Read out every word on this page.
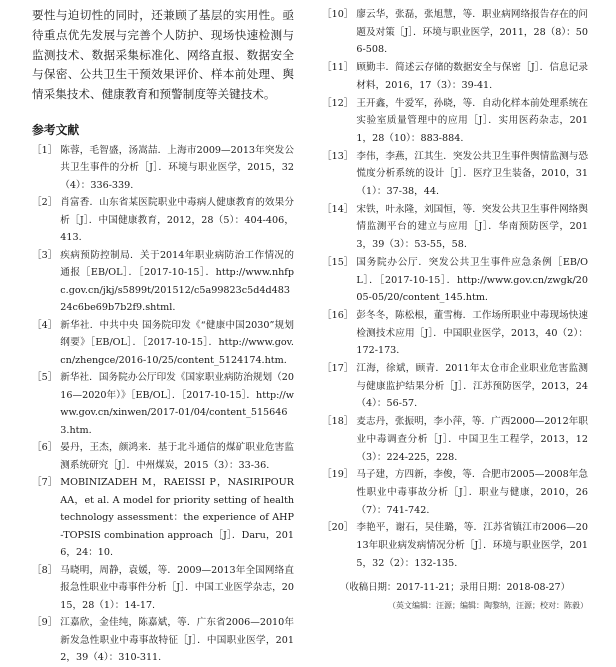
要性与迫切性的同时，还兼顾了基层的实用性。亟待重点优先发展与完善个人防护、现场快速检测与监测技术、数据采集标准化、网络直报、数据安全与保密、公共卫生干预效果评价、样本前处理、舆情采集技术、健康教育和预警制度等关键技术。

参考文献
［1］ 陈蓉，毛智盛，汤嵩喆．上海市2009—2013年突发公共卫生事件的分析［J］．环境与职业医学，2015，32（4）：336-339.
［2］ 肖富香．山东省某医院职业中毒病人健康教育的效果分析［J］．中国健康教育，2012，28（5）：404-406，413.
［3］ 疾病预防控制局．关于2014年职业病防治工作情况的通报［EB/OL］．［2017-10-15］．http://www.nhfpc.gov.cn/jkj/s5899t/201512/c5a99823c5d4d48324c6be69b7b2f9.shtml.
［4］ 新华社．中共中央 国务院印发《“健康中国2030”规划纲要》［EB/OL］．［2017-10-15］．http://www.gov.cn/zhengce/2016-10/25/content_5124174.htm.
［5］ 新华社．国务院办公厅印发《国家职业病防治规划（2016—2020年）》［EB/OL］．［2017-10-15］．http://www.gov.cn/xinwen/2017-01/04/content_5156463.htm.
［6］ 晏丹，王杰，颜鸿来．基于北斗通信的煤矿职业危害监测系统研究［J］．中州煤炭，2015（3）：33-36.
［7］ MOBINIZADEH M，RAEISSI P，NASIRIPOUR AA，et al. A model for priority setting of health technology assessment：the experience of AHP-TOPSIS combination approach［J］．Daru，2016，24：10.
［8］ 马晓明，周静，袁媛，等．2009—2013年全国网络直报急性职业中毒事件分析［J］．中国工业医学杂志，2015，28（1）：14-17.
［9］ 江嘉欣，金佳纯，陈嘉斌，等．广东省2006—2010年新发急性职业中毒事故特征［J］．中国职业医学，2012，39（4）：310-311.
［10］ 廖云华，张磊，张旭慧，等．职业病网络报告存在的问题及对策［J］．环境与职业医学，2011，28（8）：506-508.
［11］ 顾勤丰．简述云存储的数据安全与保密［J］．信息记录材料，2016，17（3）：39-41.
［12］ 王开鑫，牛爱军，孙晓，等．自动化样本前处理系统在实验室质量管理中的应用［J］．实用医药杂志，2011，28（10）：883-884.
［13］ 李伟，李燕，江其生．突发公共卫生事件舆情监测与恐慌度分析系统的设计［J］．医疗卫生装备，2010，31（1）：37-38，44.
［14］ 宋铁，叶永隆，刘国恒，等．突发公共卫生事件网络舆情监测平台的建立与应用［J］．华南预防医学，2013，39（3）：53-55，58.
［15］ 国务院办公厅．突发公共卫生事件应急条例［EB/OL］．［2017-10-15］．http://www.gov.cn/zwgk/2005-05/20/content_145.htm.
［16］ 彭冬冬，陈松根，董雪梅．工作场所职业中毒现场快速检测技术应用［J］．中国职业医学，2013，40（2）：172-173.
［17］ 江海，徐斌，顾青．2011年太仓市企业职业危害监测与健康监护结果分析［J］．江苏预防医学，2013，24（4）：56-57.
［18］ 麦志丹，张振明，李小萍，等．广西2000—2012年职业中毒调查分析［J］．中国卫生工程学，2013，12（3）：224-225，228.
［19］ 马子建，方四新，李俊，等．合肥市2005—2008年急性职业中毒事故分析［J］．职业与健康，2010，26（7）：741-742.
［20］ 李艳平，谢石，吴佳璐，等．江苏省镇江市2006—2013年职业病发病情况分析［J］．环境与职业医学，2015，32（2）：132-135.
（收稿日期：2017-11-21；录用日期：2018-08-27）
（英文编辑：汪源；编辑：陶黎纳，汪源；校对：陈毅）
